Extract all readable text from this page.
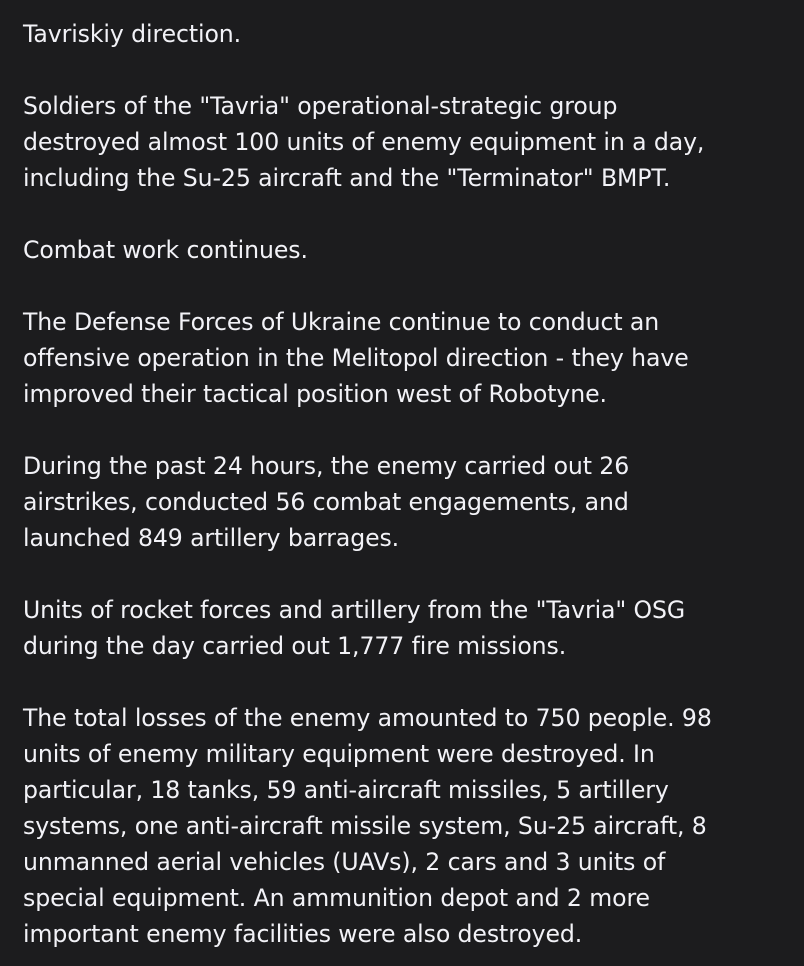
Tavriskiy direction.

Soldiers of the "Tavria" operational-strategic group
destroyed almost 100 units of enemy equipment in a day,
including the Su-25 aircraft and the "Terminator" BMPT.

Combat work continues.

The Defense Forces of Ukraine continue to conduct an
offensive operation in the Melitopol direction - they have
improved their tactical position west of Robotyne.

During the past 24 hours, the enemy carried out 26
airstrikes, conducted 56 combat engagements, and
launched 849 artillery barrages.

Units of rocket forces and artillery from the "Tavria" OSG
during the day carried out 1,777 fire missions.

The total losses of the enemy amounted to 750 people. 98
units of enemy military equipment were destroyed. In
particular, 18 tanks, 59 anti-aircraft missiles, 5 artillery
systems, one anti-aircraft missile system, Su-25 aircraft, 8
unmanned aerial vehicles (UAVs), 2 cars and 3 units of
special equipment. An ammunition depot and 2 more
important enemy facilities were also destroyed.
